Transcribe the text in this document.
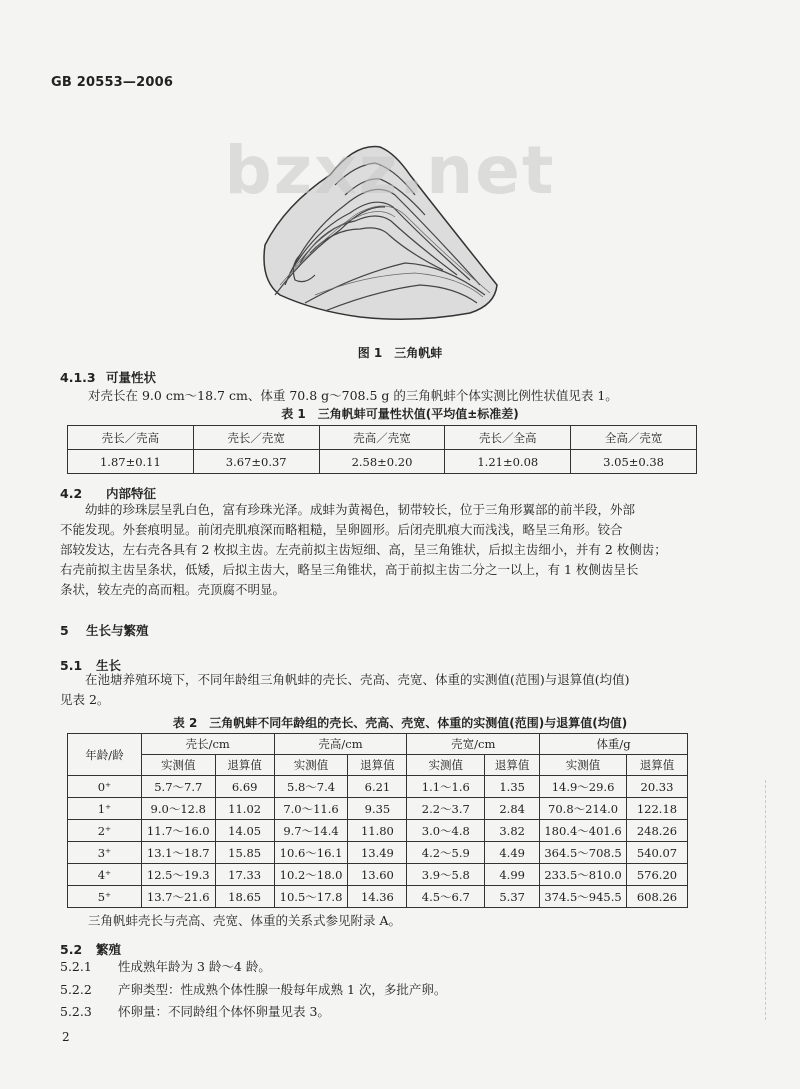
GB 20553—2006
bzxz.net
图 1　三角帆蚌
4.1.3 可量性状
对壳长在 9.0 cm～18.7 cm、体重 70.8 g～708.5 g 的三角帆蚌个体实测比例性状值见表 1。
表 1　三角帆蚌可量性状值(平均值±标准差)
壳长／壳高	壳长／壳宽	壳高／壳宽	壳长／全高	全高／壳宽
1.87±0.11	3.67±0.37	2.58±0.20	1.21±0.08	3.05±0.38
4.2 内部特征
　　幼蚌的珍珠层呈乳白色，富有珍珠光泽。成蚌为黄褐色，韧带较长，位于三角形翼部的前半段，外部
不能发现。外套痕明显。前闭壳肌痕深而略粗糙，呈卵圆形。后闭壳肌痕大而浅浅，略呈三角形。铰合
部较发达，左右壳各具有 2 枚拟主齿。左壳前拟主齿短细、高，呈三角锥状，后拟主齿细小，并有 2 枚侧齿；
右壳前拟主齿呈条状，低矮，后拟主齿大，略呈三角锥状，高于前拟主齿二分之一以上，有 1 枚侧齿呈长
条状，较左壳的高而粗。壳顶腐不明显。
5 生长与繁殖
5.1 生长
　　在池塘养殖环境下，不同年龄组三角帆蚌的壳长、壳高、壳宽、体重的实测值(范围)与退算值(均值)
见表 2。
表 2　三角帆蚌不同年龄组的壳长、壳高、壳宽、体重的实测值(范围)与退算值(均值)
年龄/龄	壳长/cm		壳高/cm		壳宽/cm		体重/g	
	实测值	退算值	实测值	退算值	实测值	退算值	实测值	退算值
0⁺	5.7～7.7	6.69	5.8～7.4	6.21	1.1～1.6	1.35	14.9～29.6	20.33
1⁺	9.0～12.8	11.02	7.0～11.6	9.35	2.2～3.7	2.84	70.8～214.0	122.18
2⁺	11.7～16.0	14.05	9.7～14.4	11.80	3.0～4.8	3.82	180.4～401.6	248.26
3⁺	13.1～18.7	15.85	10.6～16.1	13.49	4.2～5.9	4.49	364.5～708.5	540.07
4⁺	12.5～19.3	17.33	10.2～18.0	13.60	3.9～5.8	4.99	233.5～810.0	576.20
5⁺	13.7～21.6	18.65	10.5～17.8	14.36	4.5～6.7	5.37	374.5～945.5	608.26
三角帆蚌壳长与壳高、壳宽、体重的关系式参见附录 A。
5.2 繁殖
5.2.1 性成熟年龄为 3 龄～4 龄。
5.2.2 产卵类型：性成熟个体性腺一般每年成熟 1 次，多批产卵。
5.2.3 怀卵量：不同龄组个体怀卵量见表 3。
2
